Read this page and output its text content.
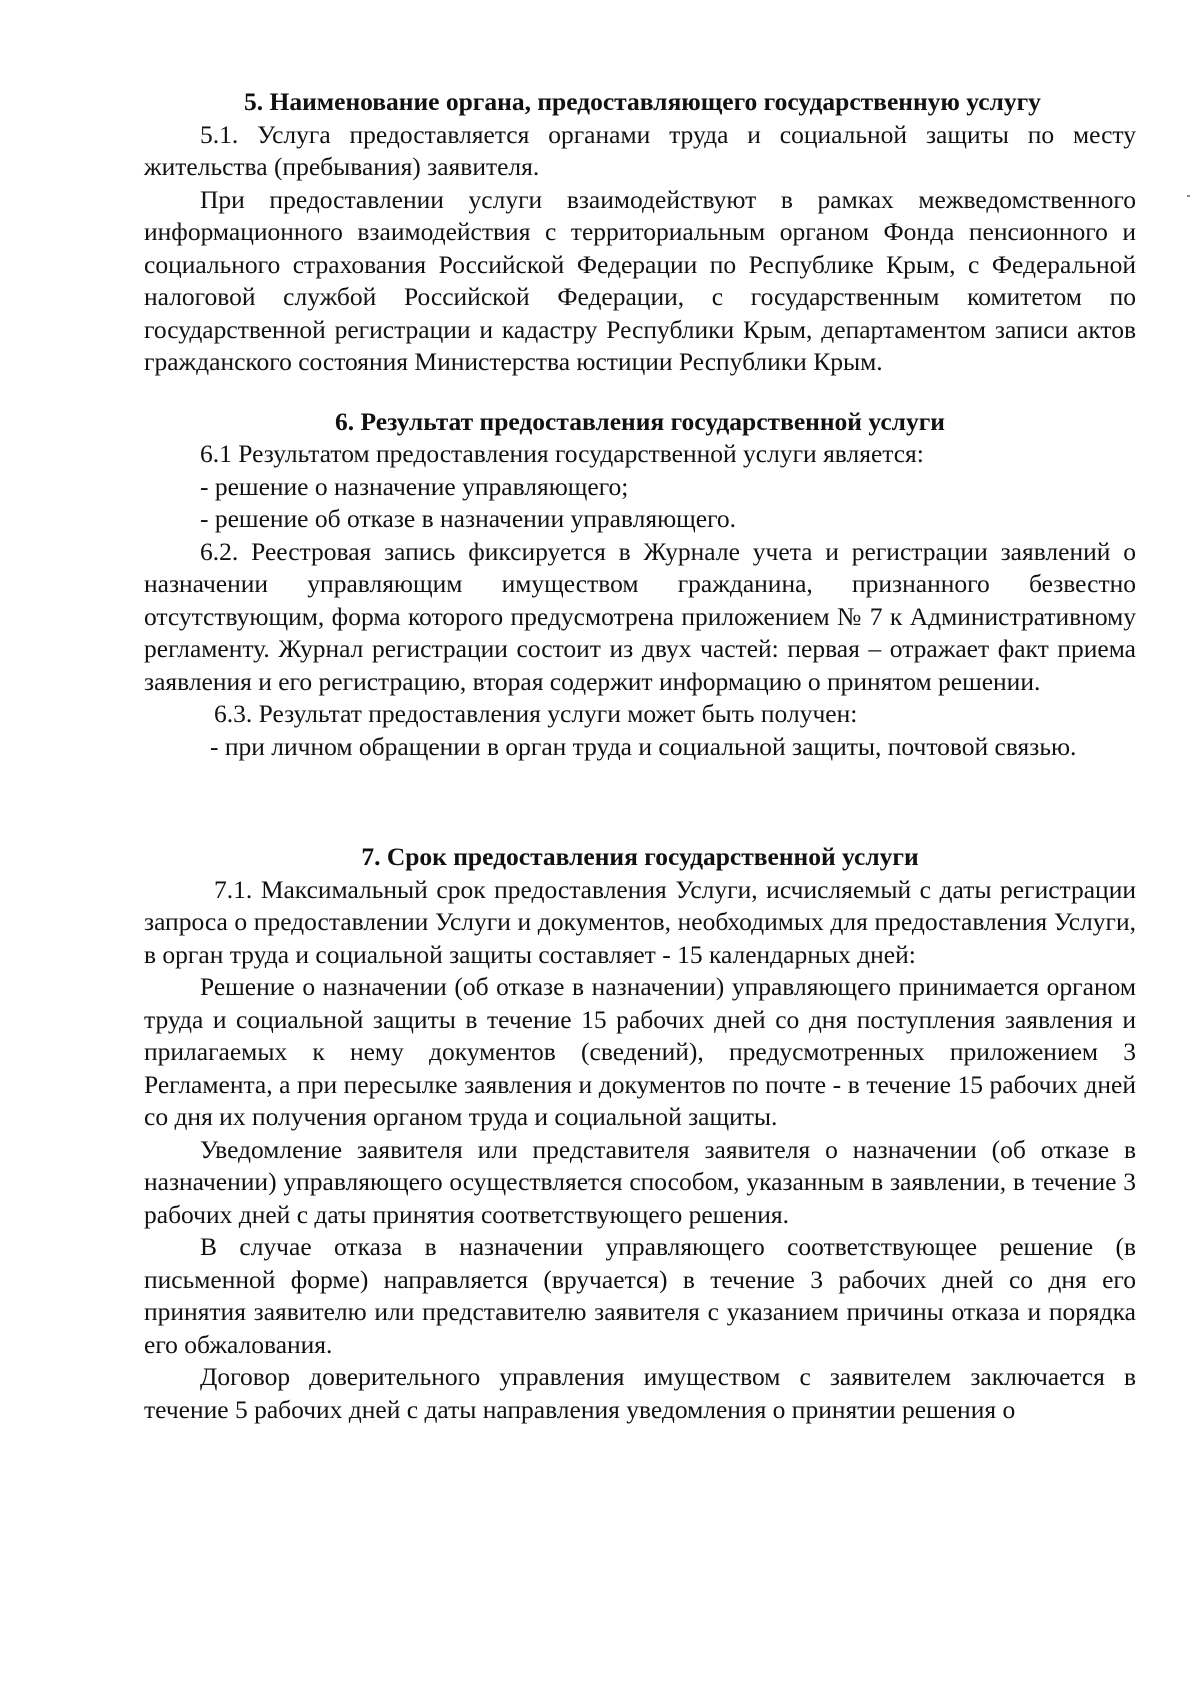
5. Наименование органа, предоставляющего государственную услугу

5.1. Услуга предоставляется органами труда и социальной защиты по месту жительства (пребывания) заявителя.

При предоставлении услуги взаимодействуют в рамках межведомственного информационного взаимодействия с территориальным органом Фонда пенсионного и социального страхования Российской Федерации по Республике Крым, с Федеральной налоговой службой Российской Федерации, с государственным комитетом по государственной регистрации и кадастру Республики Крым, департаментом записи актов гражданского состояния Министерства юстиции Республики Крым.

6. Результат предоставления государственной услуги

6.1 Результатом предоставления государственной услуги является:

- решение о назначение управляющего;

- решение об отказе в назначении управляющего.

6.2. Реестровая запись фиксируется в Журнале учета и регистрации заявлений о назначении управляющим имуществом гражданина, признанного безвестно отсутствующим, форма которого предусмотрена приложением № 7 к Административному регламенту. Журнал регистрации состоит из двух частей: первая – отражает факт приема заявления и его регистрацию, вторая содержит информацию о принятом решении.

6.3. Результат предоставления услуги может быть получен:

- при личном обращении в орган труда и социальной защиты, почтовой связью.

7. Срок предоставления государственной услуги

7.1. Максимальный срок предоставления Услуги, исчисляемый с даты регистрации запроса о предоставлении Услуги и документов, необходимых для предоставления Услуги, в орган труда и социальной защиты составляет - 15 календарных дней:

Решение о назначении (об отказе в назначении) управляющего принимается органом труда и социальной защиты в течение 15 рабочих дней со дня поступления заявления и прилагаемых к нему документов (сведений), предусмотренных приложением 3 Регламента, а при пересылке заявления и документов по почте - в течение 15 рабочих дней со дня их получения органом труда и социальной защиты.

Уведомление заявителя или представителя заявителя о назначении (об отказе в назначении) управляющего осуществляется способом, указанным в заявлении, в течение 3 рабочих дней с даты принятия соответствующего решения.

В случае отказа в назначении управляющего соответствующее решение (в письменной форме) направляется (вручается) в течение 3 рабочих дней со дня его принятия заявителю или представителю заявителя с указанием причины отказа и порядка его обжалования.

Договор доверительного управления имуществом с заявителем заключается в течение 5 рабочих дней с даты направления уведомления о принятии решения о
